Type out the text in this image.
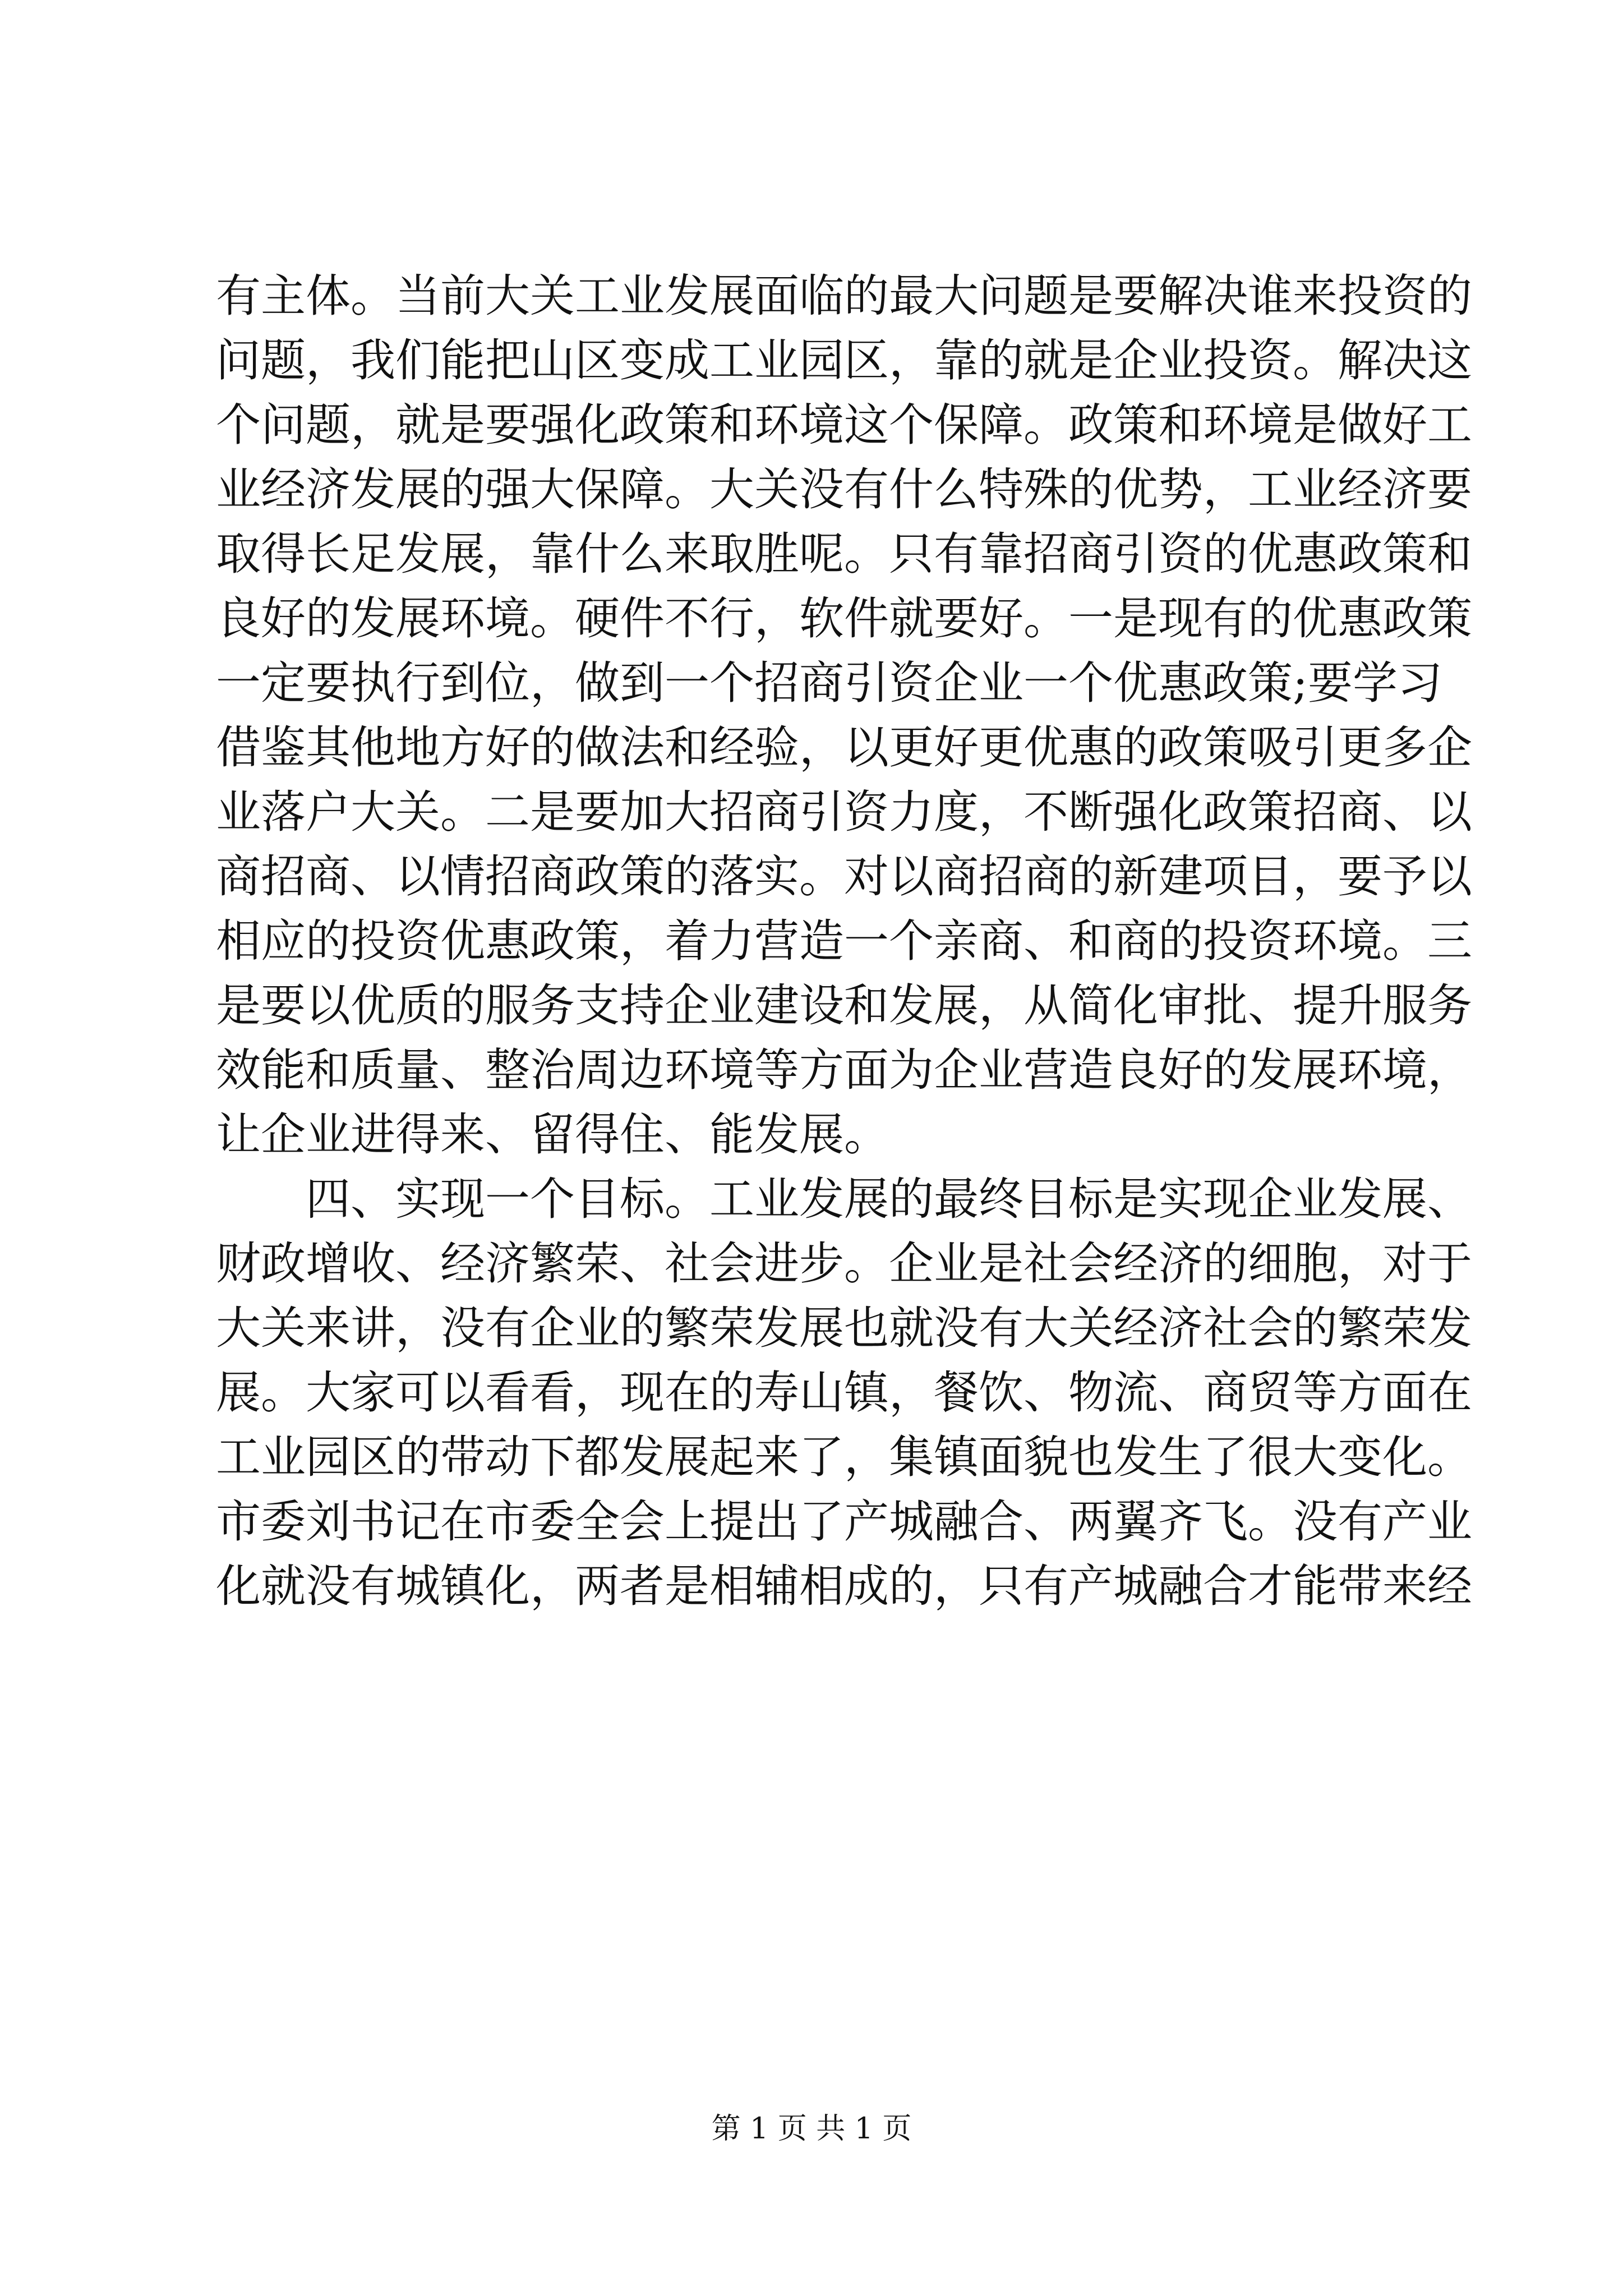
有主体。当前大关工业发展面临的最大问题是要解决谁来投资的
问题，我们能把山区变成工业园区，靠的就是企业投资。解决这
个问题，就是要强化政策和环境这个保障。政策和环境是做好工
业经济发展的强大保障。大关没有什么特殊的优势，工业经济要
取得长足发展，靠什么来取胜呢。只有靠招商引资的优惠政策和
良好的发展环境。硬件不行，软件就要好。一是现有的优惠政策
一定要执行到位，做到一个招商引资企业一个优惠政策;要学习
借鉴其他地方好的做法和经验，以更好更优惠的政策吸引更多企
业落户大关。二是要加大招商引资力度，不断强化政策招商、以
商招商、以情招商政策的落实。对以商招商的新建项目，要予以
相应的投资优惠政策，着力营造一个亲商、和商的投资环境。三
是要以优质的服务支持企业建设和发展，从简化审批、提升服务
效能和质量、整治周边环境等方面为企业营造良好的发展环境，
让企业进得来、留得住、能发展。
　　四、实现一个目标。工业发展的最终目标是实现企业发展、
财政增收、经济繁荣、社会进步。企业是社会经济的细胞，对于
大关来讲，没有企业的繁荣发展也就没有大关经济社会的繁荣发
展。大家可以看看，现在的寿山镇，餐饮、物流、商贸等方面在
工业园区的带动下都发展起来了，集镇面貌也发生了很大变化。
市委刘书记在市委全会上提出了产城融合、两翼齐飞。没有产业
化就没有城镇化，两者是相辅相成的，只有产城融合才能带来经
第 1 页 共 1 页
